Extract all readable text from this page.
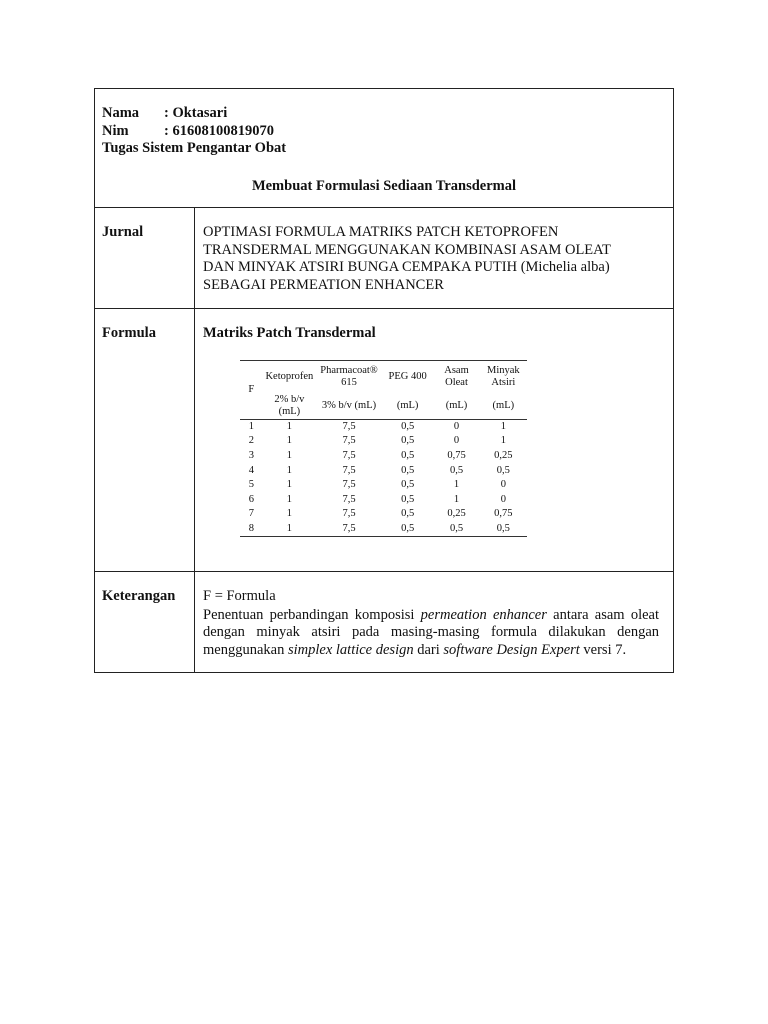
Nama	: Oktasari
Nim	: 61608100819070
Tugas Sistem Pengantar Obat
Membuat Formulasi Sediaan Transdermal
Jurnal	OPTIMASI FORMULA MATRIKS PATCH KETOPROFEN
TRANSDERMAL MENGGUNAKAN KOMBINASI ASAM OLEAT
DAN MINYAK ATSIRI BUNGA CEMPAKA PUTIH (Michelia alba)
SEBAGAI PERMEATION ENHANCER
Formula	Matriks Patch Transdermal
F	Ketoprofen	Pharmacoat® 615	PEG 400	Asam Oleat	Minyak Atsiri
	2% b/v (mL)	3% b/v (mL)	(mL)	(mL)	(mL)
1	1	7,5	0,5	0	1
2	1	7,5	0,5	0	1
3	1	7,5	0,5	0,75	0,25
4	1	7,5	0,5	0,5	0,5
5	1	7,5	0,5	1	0
6	1	7,5	0,5	1	0
7	1	7,5	0,5	0,25	0,75
8	1	7,5	0,5	0,5	0,5
Keterangan	F = Formula
Penentuan perbandingan komposisi permeation enhancer antara asam oleat dengan minyak atsiri pada masing-masing formula dilakukan dengan menggunakan simplex lattice design dari software Design Expert versi 7.
